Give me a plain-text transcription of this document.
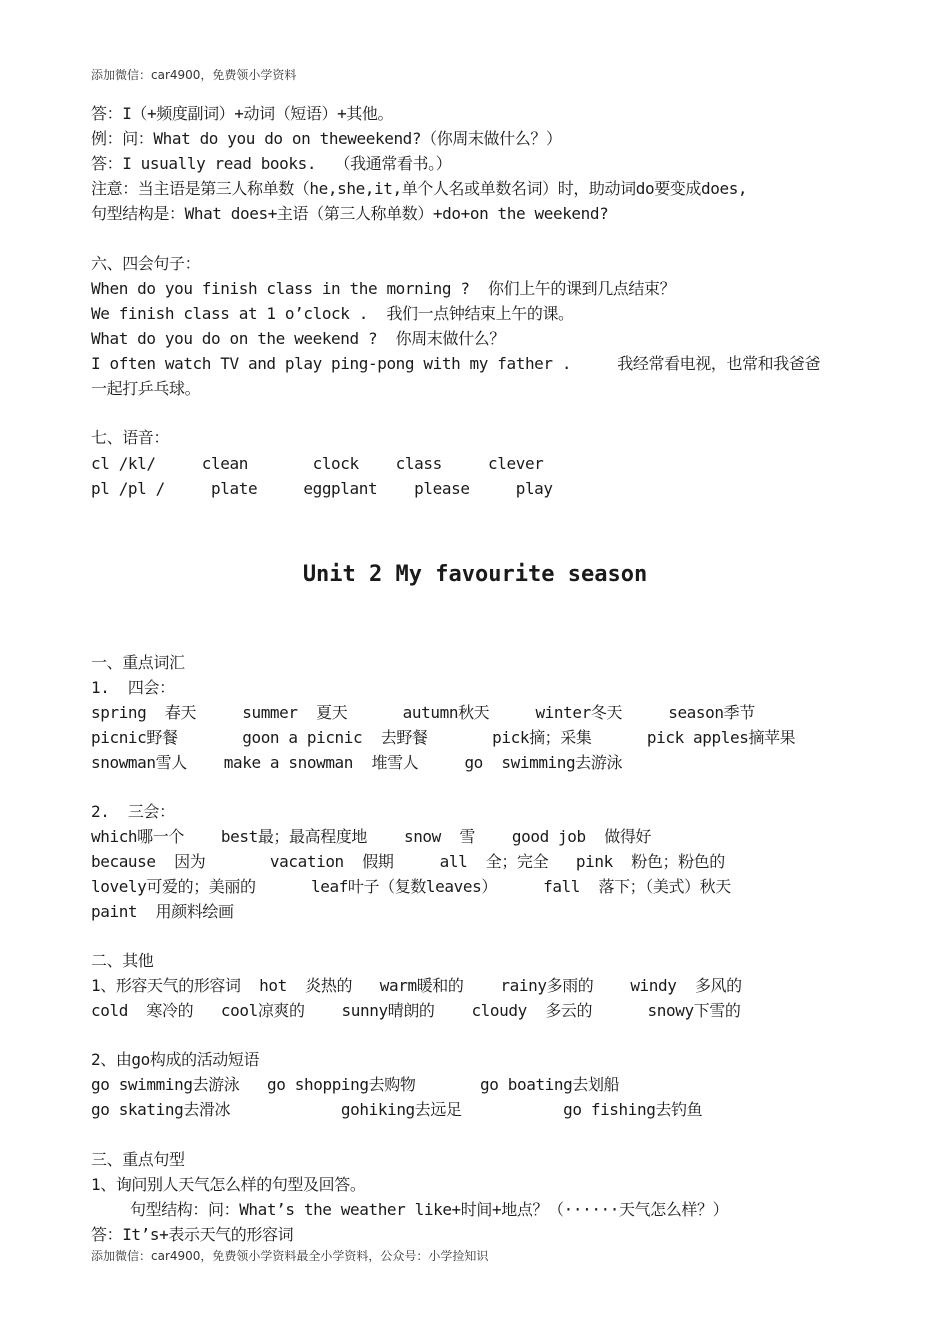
添加微信：car4900，免费领小学资料
答：I（+频度副词）+动词（短语）+其他。
例：问：What do you do on theweekend?（你周末做什么？）
答：I usually read books.  （我通常看书。）
注意：当主语是第三人称单数（he,she,it,单个人名或单数名词）时，助动词do要变成does,
句型结构是：What does+主语（第三人称单数）+do+on the weekend?
六、四会句子：
When do you finish class in the morning ?  你们上午的课到几点结束？
We finish class at 1 o’clock .  我们一点钟结束上午的课。
What do you do on the weekend ?  你周末做什么？
I often watch TV and play ping-pong with my father .     我经常看电视，也常和我爸爸
一起打乒乓球。
七、语音：
cl /kl/     clean       clock    class     clever
pl /pl /     plate     eggplant    please     play
Unit 2 My favourite season
一、重点词汇
1.  四会：
spring  春天     summer  夏天      autumn秋天     winter冬天     season季节
picnic野餐       goon a picnic  去野餐       pick摘；采集      pick apples摘苹果
snowman雪人    make a snowman  堆雪人     go  swimming去游泳
2.  三会：
which哪一个    best最；最高程度地    snow  雪    good job  做得好
because  因为       vacation  假期     all  全；完全   pink  粉色；粉色的
lovely可爱的；美丽的      leaf叶子（复数leaves）     fall  落下；（美式）秋天
paint  用颜料绘画
二、其他
1、形容天气的形容词  hot  炎热的   warm暖和的    rainy多雨的    windy  多风的
cold  寒冷的   cool凉爽的    sunny晴朗的    cloudy  多云的      snowy下雪的
2、由go构成的活动短语
go swimming去游泳   go shopping去购物       go boating去划船
go skating去滑冰            gohiking去远足           go fishing去钓鱼
三、重点句型
1、询问别人天气怎么样的句型及回答。
句型结构：问：What’s the weather like+时间+地点？（······天气怎么样？）
答：It’s+表示天气的形容词
添加微信：car4900，免费领小学资料最全小学资料，公众号：小学捡知识
